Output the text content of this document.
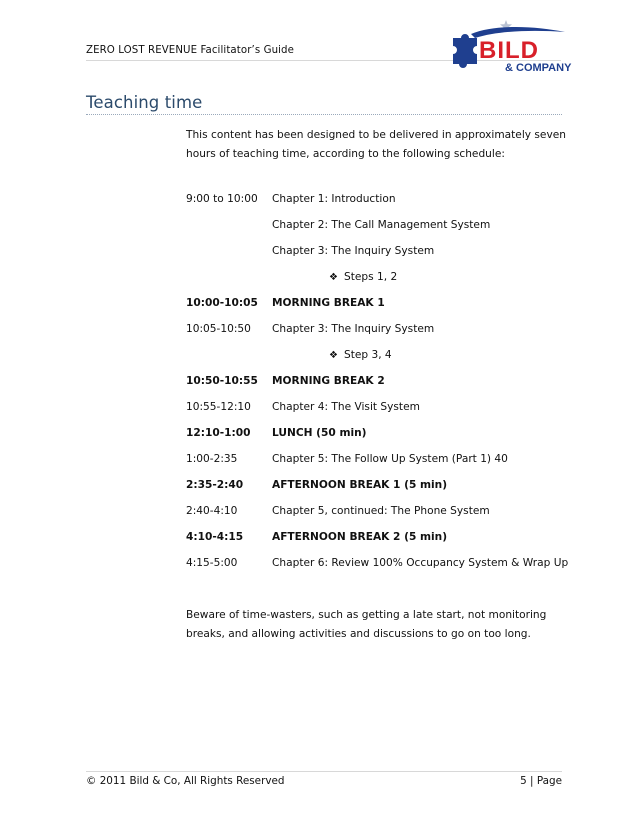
ZERO LOST REVENUE Facilitator’s Guide	BILD
& COMPANY
Teaching time
This content has been designed to be delivered in approximately seven hours of teaching time, according to the following schedule:
9:00 to 10:00 Chapter 1: Introduction
Chapter 2: The Call Management System
Chapter 3: The Inquiry System
❖ Steps 1, 2
10:00-10:05 MORNING BREAK 1
10:05-10:50 Chapter 3: The Inquiry System
❖ Step 3, 4
10:50-10:55 MORNING BREAK 2
10:55-12:10 Chapter 4: The Visit System
12:10-1:00 LUNCH (50 min)
1:00-2:35	Chapter 5: The Follow Up System (Part 1) 40
2:35-2:40	AFTERNOON BREAK 1 (5 min)
2:40-4:10	Chapter 5, continued: The Phone System
4:10-4:15	AFTERNOON BREAK 2 (5 min)
4:15-5:00	Chapter 6: Review 100% Occupancy System & Wrap Up
Beware of time-wasters, such as getting a late start, not monitoring breaks, and allowing activities and discussions to go on too long.
© 2011 Bild & Co, All Rights Reserved	5 | Page
